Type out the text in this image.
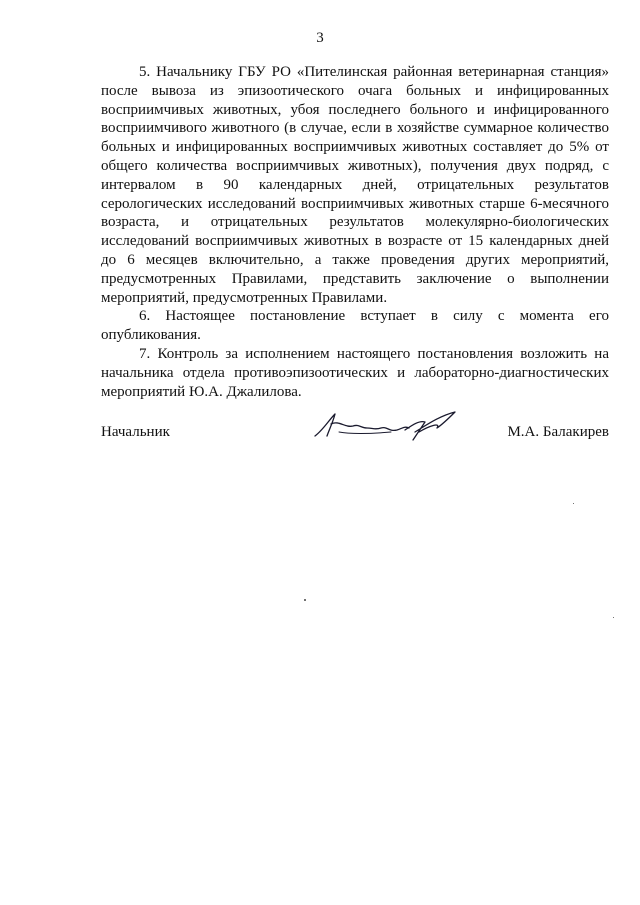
3

5. Начальнику ГБУ РО «Пителинская районная ветеринарная станция» после вывоза из эпизоотического очага больных и инфицированных восприимчивых животных, убоя последнего больного и инфицированного восприимчивого животного (в случае, если в хозяйстве суммарное количество больных и инфицированных восприимчивых животных составляет до 5% от общего количества восприимчивых животных), получения двух подряд, с интервалом в 90 календарных дней, отрицательных результатов серологических исследований восприимчивых животных старше 6-месячного возраста, и отрицательных результатов молекулярно-биологических исследований восприимчивых животных в возрасте от 15 календарных дней до 6 месяцев включительно, а также проведения других мероприятий, предусмотренных Правилами, представить заключение о выполнении мероприятий, предусмотренных Правилами.

6. Настоящее постановление вступает в силу с момента его опубликования.

7. Контроль за исполнением настоящего постановления возложить на начальника отдела противоэпизоотических и лабораторно-диагностических мероприятий Ю.А. Джалилова.

Начальник	М.А. Балакирев
